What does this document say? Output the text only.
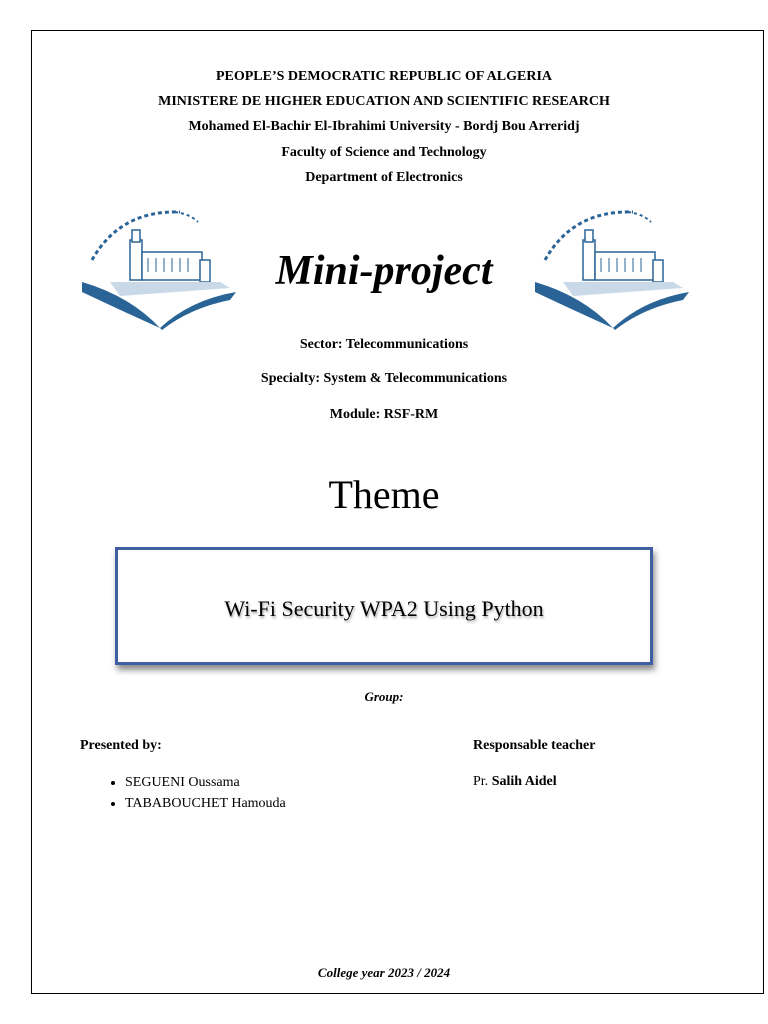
PEOPLE’S DEMOCRATIC REPUBLIC OF ALGERIA
MINISTERE DE HIGHER EDUCATION AND SCIENTIFIC RESEARCH
Mohamed El-Bachir El-Ibrahimi University - Bordj Bou Arreridj
Faculty of Science and Technology
Department of Electronics
Mini-project
Sector: Telecommunications
Specialty: System & Telecommunications
Module: RSF-RM
Theme
Wi-Fi Security WPA2 Using Python
Group:
Presented by:
• SEGUENI Oussama
• TABABOUCHET Hamouda
Responsable teacher
Pr. Salih Aidel
College year 2023 / 2024
